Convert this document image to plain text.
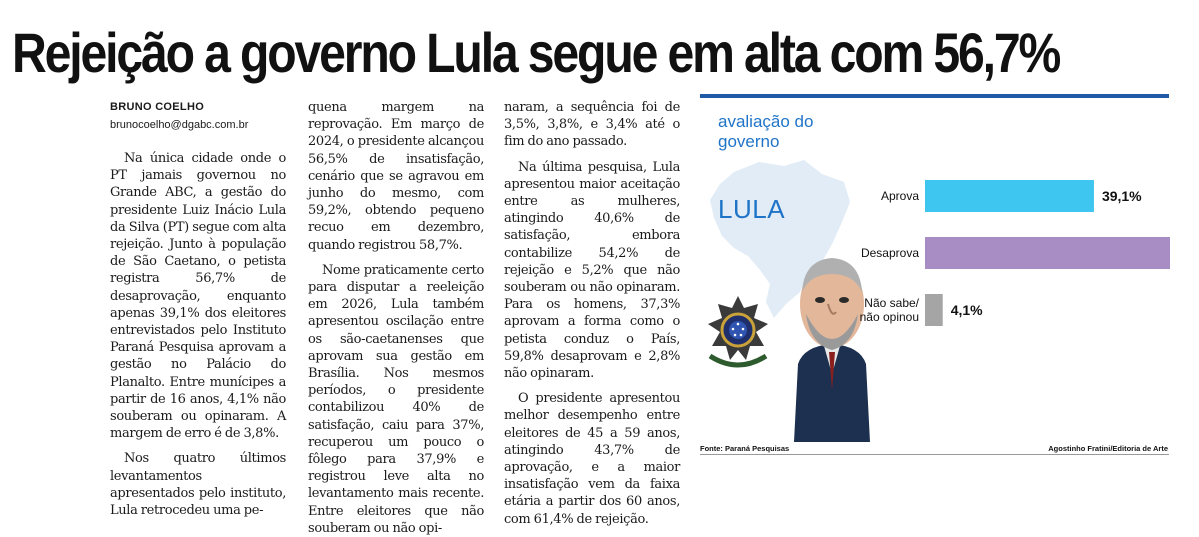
Rejeição a governo Lula segue em alta com 56,7%
BRUNO COELHO
brunocoelho@dgabc.com.br

Na única cidade onde o PT jamais governou no Grande ABC, a gestão do presidente Luiz Inácio Lula da Silva (PT) segue com alta rejeição. Junto à população de São Caetano, o petista registra 56,7% de desaprovação, enquanto apenas 39,1% dos eleitores entrevistados pelo Instituto Paraná Pesquisa aprovam a gestão no Palácio do Planalto. Entre munícipes a partir de 16 anos, 4,1% não souberam ou opinaram. A margem de erro é de 3,8%.

Nos quatro últimos levantamentos apresentados pelo instituto, Lula retrocedeu uma pe-

quena margem na reprovação. Em março de 2024, o presidente alcançou 56,5% de insatisfação, cenário que se agravou em junho do mesmo, com 59,2%, obtendo pequeno recuo em dezembro, quando registrou 58,7%.

Nome praticamente certo para disputar a reeleição em 2026, Lula também apresentou oscilação entre os são-caetanenses que aprovam sua gestão em Brasília. Nos mesmos períodos, o presidente contabilizou 40% de satisfação, caiu para 37%, recuperou um pouco o fôlego para 37,9% e registrou leve alta no levantamento mais recente. Entre eleitores que não souberam ou não opi-

naram, a sequência foi de 3,5%, 3,8%, e 3,4% até o fim do ano passado.

Na última pesquisa, Lula apresentou maior aceitação entre as mulheres, atingindo 40,6% de satisfação, embora contabilize 54,2% de rejeição e 5,2% que não souberam ou não opinaram. Para os homens, 37,3% aprovam a forma como o petista conduz o País, 59,8% desaprovam e 2,8% não opinaram.

O presidente apresentou melhor desempenho entre eleitores de 45 a 59 anos, atingindo 43,7% de aprovação, e a maior insatisfação vem da faixa etária a partir dos 60 anos, com 61,4% de rejeição.

avaliação do governo
LULA	Aprova	39,1%
Desaprova
Não sabe/ não opinou 4,1%
Fonte: Paraná Pesquisas	Agostinho Fratini/Editoria de Arte
